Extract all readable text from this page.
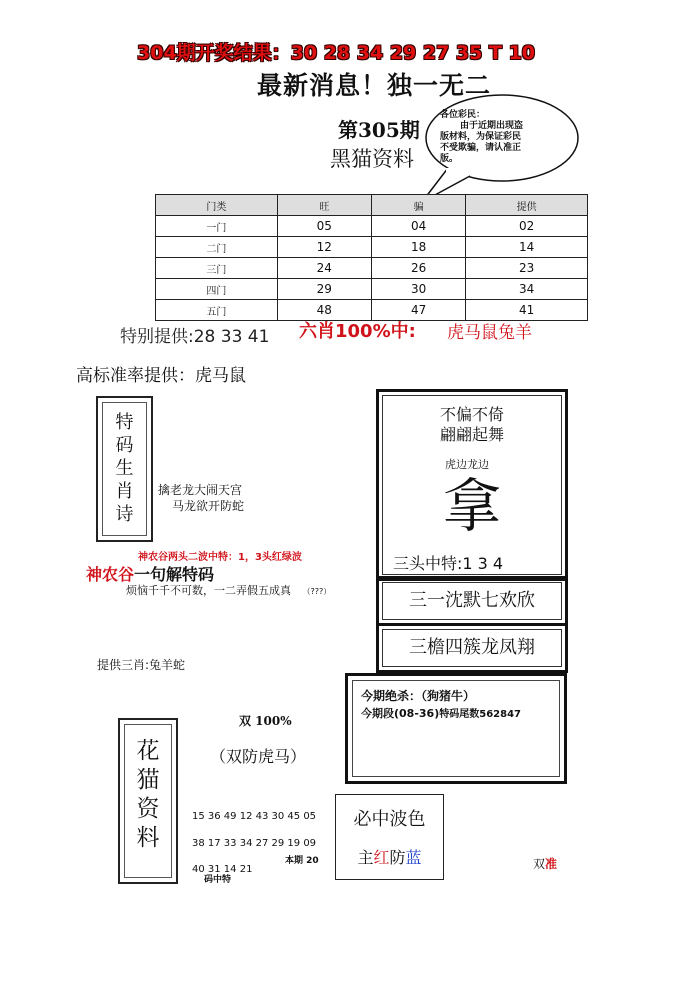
304期开奖结果：30 28 34 29 27 35 T 10
最新消息！独一无二
第305期
黑猫资料
各位彩民：
由于近期出现盗
版材料，为保证彩民
不受欺骗，请认准正
版。
门类	旺	骗	提供
一门	05	04	02
二门	12	18	14
三门	24	26	23
四门	29	30	34
五门	48	47	41
特别提供:28 33 41 六肖100%中: 虎马鼠兔羊
高标准率提供：虎马鼠
特
码
生
肖
诗
擒老龙大闹天宫
马龙欲开防蛇
不偏不倚
翩翩起舞
虎边龙边
拿
三头中特:1 3 4
三一沈默七欢欣
三檐四簇龙凤翔
神农谷两头二波中特：1，3头红绿波
神农谷一句解特码
烦恼千千不可数，一二弄假五成真 （???）
提供三肖:兔羊蛇
今期绝杀：（狗猪牛）
今期段(08-36)特码尾数562847
花
猫
资
料
双 100%
（双防虎马）
15 36 49 12 43 30 45 05
38 17 33 34 27 29 19 09
40 31 14 21
本期 20
码中特
必中波色
主红防蓝	双准
